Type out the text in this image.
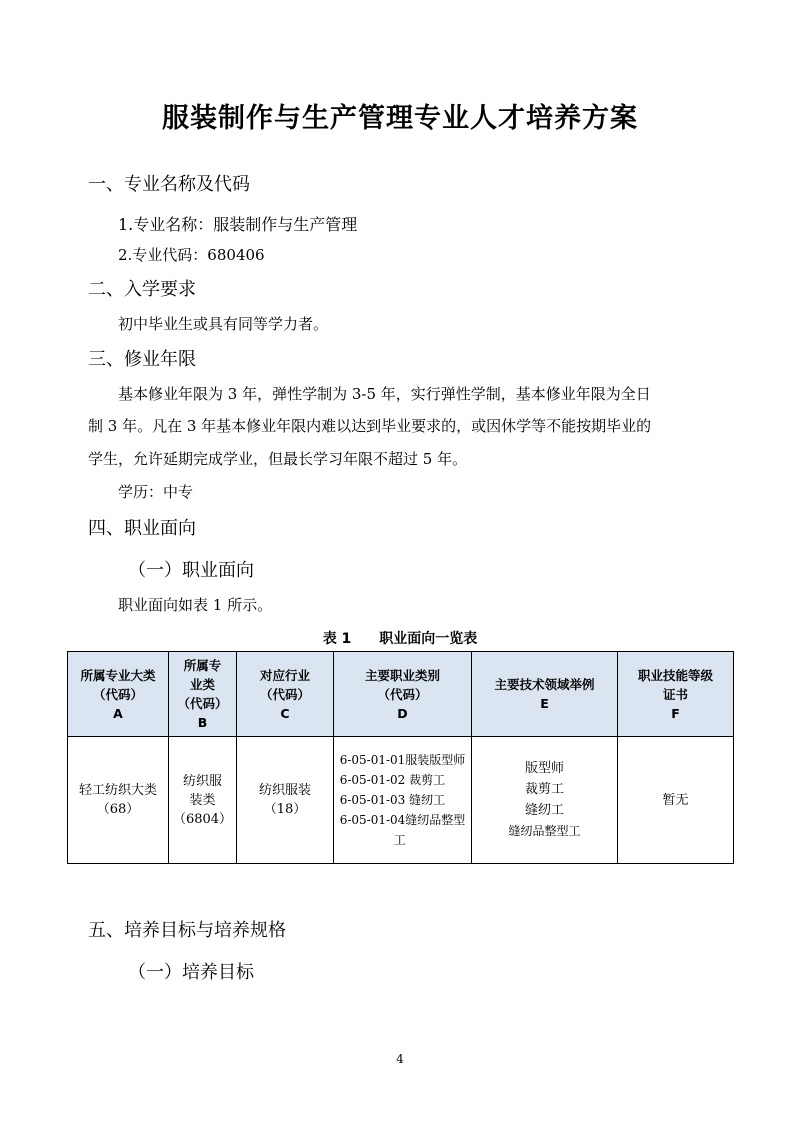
服装制作与生产管理专业人才培养方案
一、专业名称及代码
1.专业名称：服装制作与生产管理
2.专业代码：680406
二、入学要求
初中毕业生或具有同等学力者。
三、修业年限
基本修业年限为 3 年，弹性学制为 3-5 年，实行弹性学制，基本修业年限为全日
制 3 年。凡在 3 年基本修业年限内难以达到毕业要求的，或因休学等不能按期毕业的
学生，允许延期完成学业，但最长学习年限不超过 5 年。
学历：中专
四、职业面向
（一）职业面向
职业面向如表 1 所示。
表 1　　职业面向一览表
所属专业大类
（代码）
A	所属专
业类
（代码）
B	对应行业
（代码）
C	主要职业类别
（代码）
D	主要技术领域举例
E	职业技能等级
证书
F
轻工纺织大类
（68）	纺织服
装类
（6804）	纺织服装
（18）	6-05-01-01服装版型师
6-05-01-02 裁剪工
6-05-01-03 缝纫工
6-05-01-04缝纫品整型
工	版型师
裁剪工
缝纫工
缝纫品整型工	暂无
五、培养目标与培养规格
（一）培养目标
4
